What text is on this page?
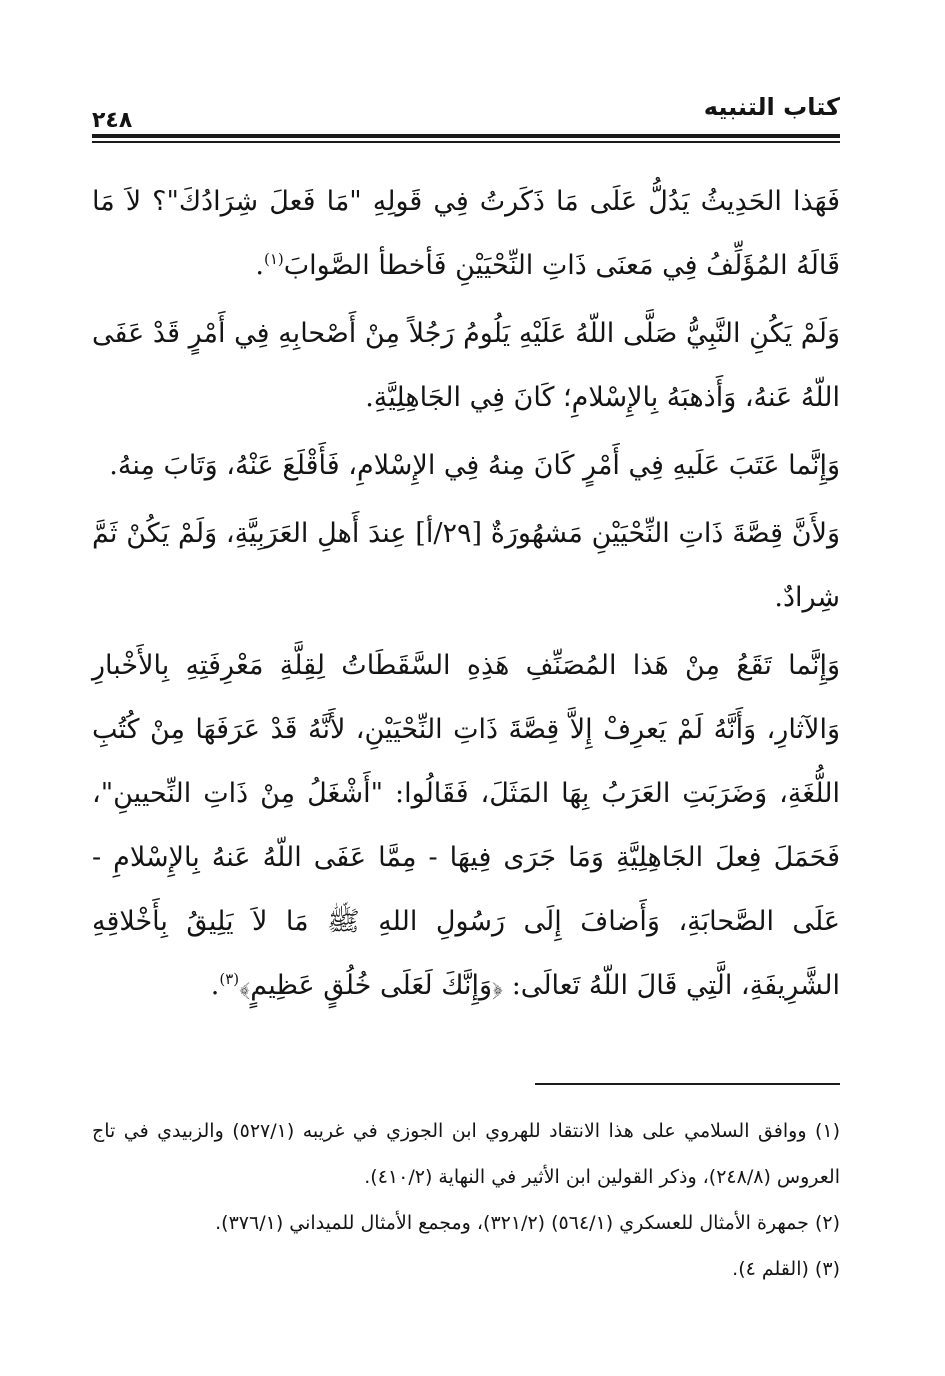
كتاب التنبيه
٢٤٨

فَهَذا الحَدِيثُ يَدُلُّ عَلَى مَا ذَكَرتُ فِي قَولِهِ "مَا فَعلَ شِرَادُكَ"؟ لاَ مَا قَالَهُ المُؤَلِّفُ فِي مَعنَى ذَاتِ النِّحْيَيْنِ فَأخطأ الصَّوابَ$^{(١)}$.

وَلَمْ يَكُنِ النَّبِيُّ صَلَّى اللّهُ عَلَيْهِ يَلُومُ رَجُلاً مِنْ أَصْحابِهِ فِي أَمْرٍ قَدْ عَفَى اللّهُ عَنهُ، وَأَذهبَهُ بِالإِسْلامِ؛ كَانَ فِي الجَاهِلِيَّةِ.

وَإِنَّما عَتَبَ عَلَيهِ فِي أَمْرٍ كَانَ مِنهُ فِي الإِسْلامِ، فَأَقْلَعَ عَنْهُ، وَتَابَ مِنهُ.

وَلأَنَّ قِصَّةَ ذَاتِ النِّحْيَيْنِ مَشهُورَةٌ [٢٩/أ] عِندَ أَهلِ العَرَبِيَّةِ، وَلَمْ يَكُنْ ثَمَّ شِرادٌ.

وَإِنَّما تَقَعُ مِنْ هَذا المُصَنِّفِ هَذِهِ السَّقَطَاتُ لِقِلَّةِ مَعْرِفَتِهِ بِالأَخْبارِ وَالآثارِ، وَأَنَّهُ لَمْ يَعرِفْ إِلاَّ قِصَّةَ ذَاتِ النِّحْيَيْنِ، لأَنَّهُ قَدْ عَرَفَهَا مِنْ كُتُبِ اللُّغَةِ، وَضَرَبَتِ العَرَبُ بِهَا المَثَلَ، فَقَالُوا: "أَشْغَلُ مِنْ ذَاتِ النِّحيينِ"، فَحَمَلَ فِعلَ الجَاهِلِيَّةِ وَمَا جَرَى فِيهَا - مِمَّا عَفَى اللّهُ عَنهُ بِالإِسْلامِ - عَلَى الصَّحابَةِ، وَأَضافَ إِلَى رَسُولِ اللهِ ﷺ مَا لاَ يَلِيقُ بِأَخْلاقِهِ الشَّرِيفَةِ، الَّتِي قَالَ اللّهُ تَعالَى: ﴿وَإِنَّكَ لَعَلَى خُلُقٍ عَظِيمٍ﴾$^{(٣)}$.

(١) ووافق السلامي على هذا الانتقاد للهروي ابن الجوزي في غريبه (٥٢٧/١) والزبيدي في تاج العروس (٢٤٨/٨)، وذكر القولين ابن الأثير في النهاية (٤١٠/٢).

(٢) جمهرة الأمثال للعسكري (٥٦٤/١) (٣٢١/٢)، ومجمع الأمثال للميداني (٣٧٦/١).

(٣) (القلم ٤).
